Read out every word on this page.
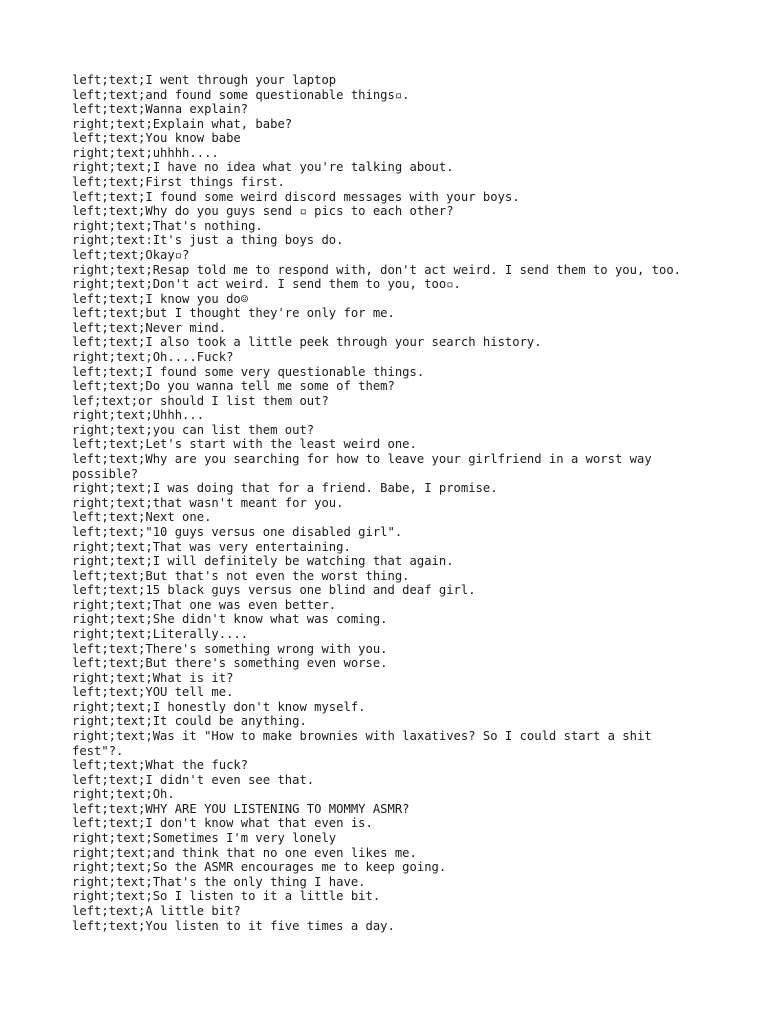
left;text;I went through your laptop

left;text;and found some questionable things▫.

left;text;Wanna explain?

right;text;Explain what, babe?

left;text;You know babe

right;text;uhhhh....

right;text;I have no idea what you're talking about.

left;text;First things first.

left;text;I found some weird discord messages with your boys.

left;text;Why do you guys send ▫ pics to each other?

right;text;That's nothing.

right;text:It's just a thing boys do.

left;text;Okay▫?

right;text;Resap told me to respond with, don't act weird. I send them to you, too.

right;text;Don't act weird. I send them to you, too▫.

left;text;I know you do☺

left;text;but I thought they're only for me.

left;text;Never mind.

left;text;I also took a little peek through your search history.

right;text;Oh....Fuck?

left;text;I found some very questionable things.

left;text;Do you wanna tell me some of them?

lef;text;or should I list them out?

right;text;Uhhh...

right;text;you can list them out?

left;text;Let's start with the least weird one.

left;text;Why are you searching for how to leave your girlfriend in a worst way possible?

right;text;I was doing that for a friend. Babe, I promise.

right;text;that wasn't meant for you.

left;text;Next one.

left;text;"10 guys versus one disabled girl".

right;text;That was very entertaining.

right;text;I will definitely be watching that again.

left;text;But that's not even the worst thing.

left;text;15 black guys versus one blind and deaf girl.

right;text;That one was even better.

right;text;She didn't know what was coming.

right;text;Literally....

left;text;There's something wrong with you.

left;text;But there's something even worse.

right;text;What is it?

left;text;YOU tell me.

right;text;I honestly don't know myself.

right;text;It could be anything.

right;text;Was it "How to make brownies with laxatives? So I could start a shit fest"?.

left;text;What the fuck?

left;text;I didn't even see that.

right;text;Oh.

left;text;WHY ARE YOU LISTENING TO MOMMY ASMR?

left;text;I don't know what that even is.

right;text;Sometimes I'm very lonely

right;text;and think that no one even likes me.

right;text;So the ASMR encourages me to keep going.

right;text;That's the only thing I have.

right;text;So I listen to it a little bit.

left;text;A little bit?

left;text;You listen to it five times a day.
